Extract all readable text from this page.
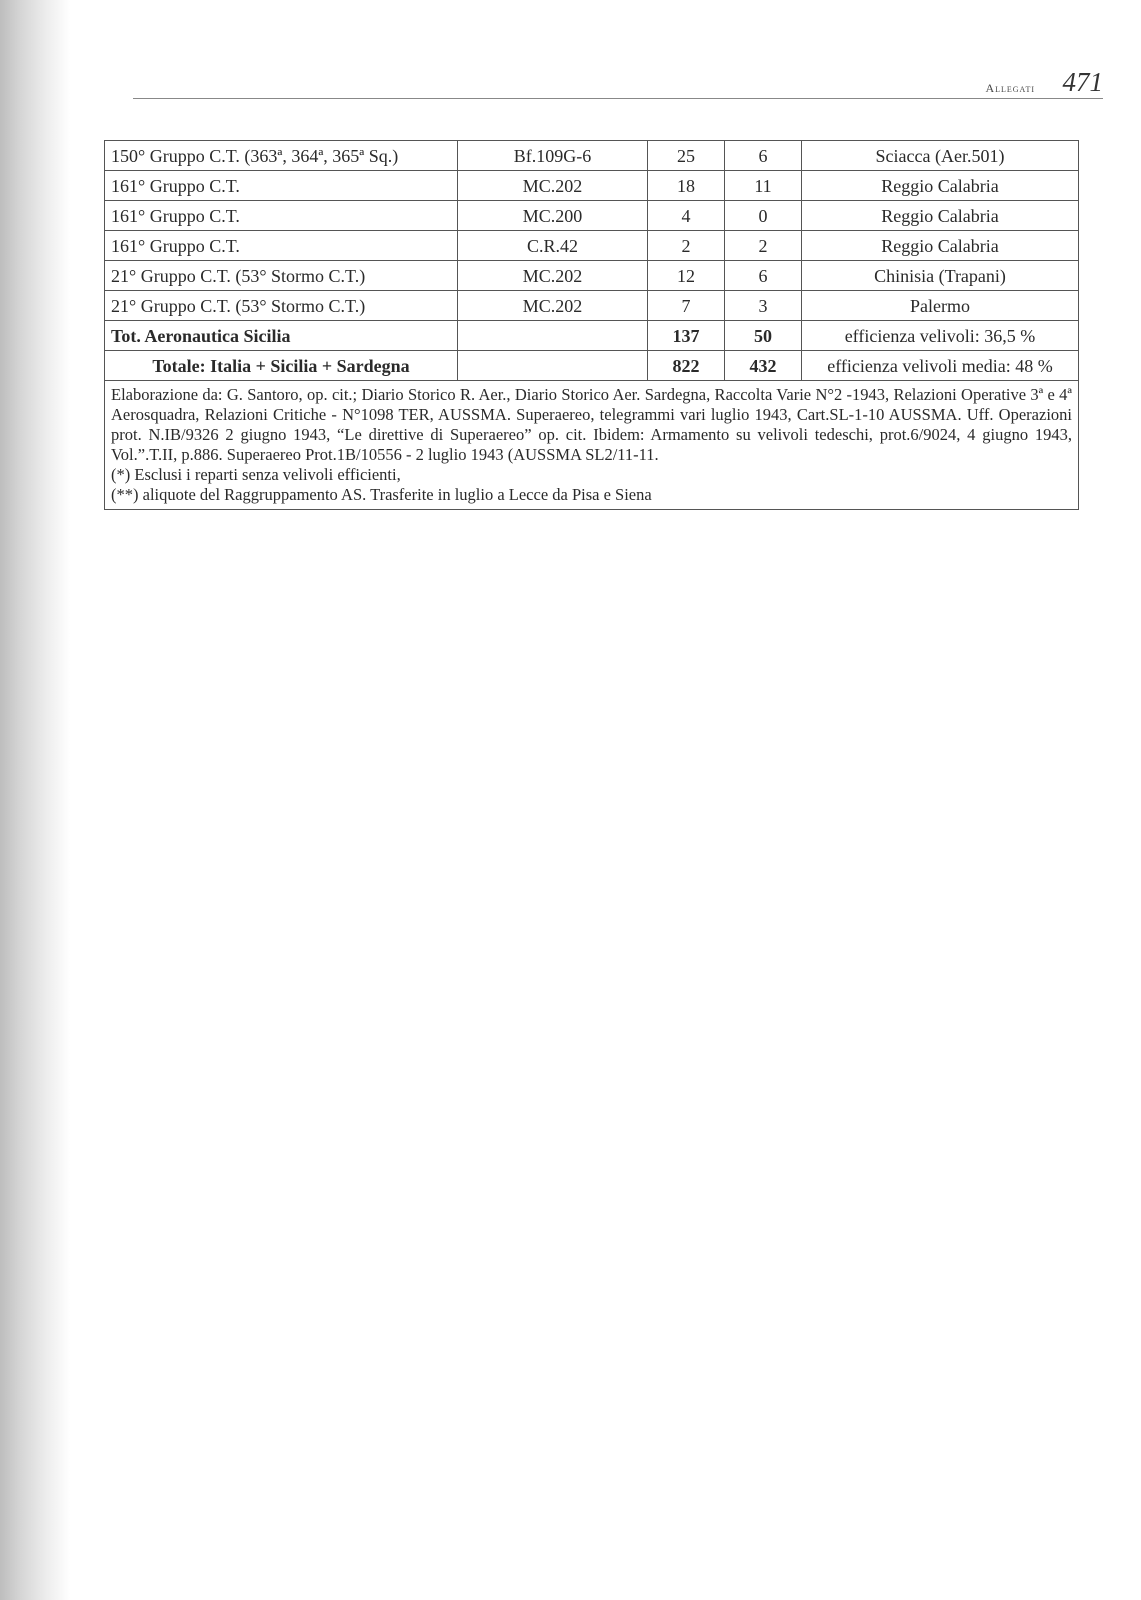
Allegati 471
150° Gruppo C.T. (363ª, 364ª, 365ª Sq.)	Bf.109G-6	25	6	Sciacca (Aer.501)
161° Gruppo C.T.	MC.202	18	11	Reggio Calabria
161° Gruppo C.T.	MC.200	4	0	Reggio Calabria
161° Gruppo C.T.	C.R.42	2	2	Reggio Calabria
21° Gruppo C.T. (53° Stormo C.T.)	MC.202	12	6	Chinisia (Trapani)
21° Gruppo C.T. (53° Stormo C.T.)	MC.202	7	3	Palermo
Tot. Aeronautica Sicilia		137	50	efficienza velivoli: 36,5 %
Totale: Italia + Sicilia + Sardegna		822	432	efficienza velivoli media: 48 %

Elaborazione da: G. Santoro, op. cit.; Diario Storico R. Aer., Diario Storico Aer. Sardegna, Raccolta Varie N°2 -1943, Relazioni Operative 3ª e 4ª Aerosquadra, Relazioni Critiche - N°1098 TER, AUSSMA. Superaereo, telegrammi vari luglio 1943, Cart.SL-1-10 AUSSMA. Uff. Operazioni prot. N.IB/9326 2 giugno 1943, “Le direttive di Superaereo” op. cit. Ibidem: Armamento su velivoli tedeschi, prot.6/9024, 4 giugno 1943, Vol.”.T.II, p.886. Superaereo Prot.1B/10556 - 2 luglio 1943 (AUSSMA SL2/11-11.
(*) Esclusi i reparti senza velivoli efficienti,
(**) aliquote del Raggruppamento AS. Trasferite in luglio a Lecce da Pisa e Siena				
